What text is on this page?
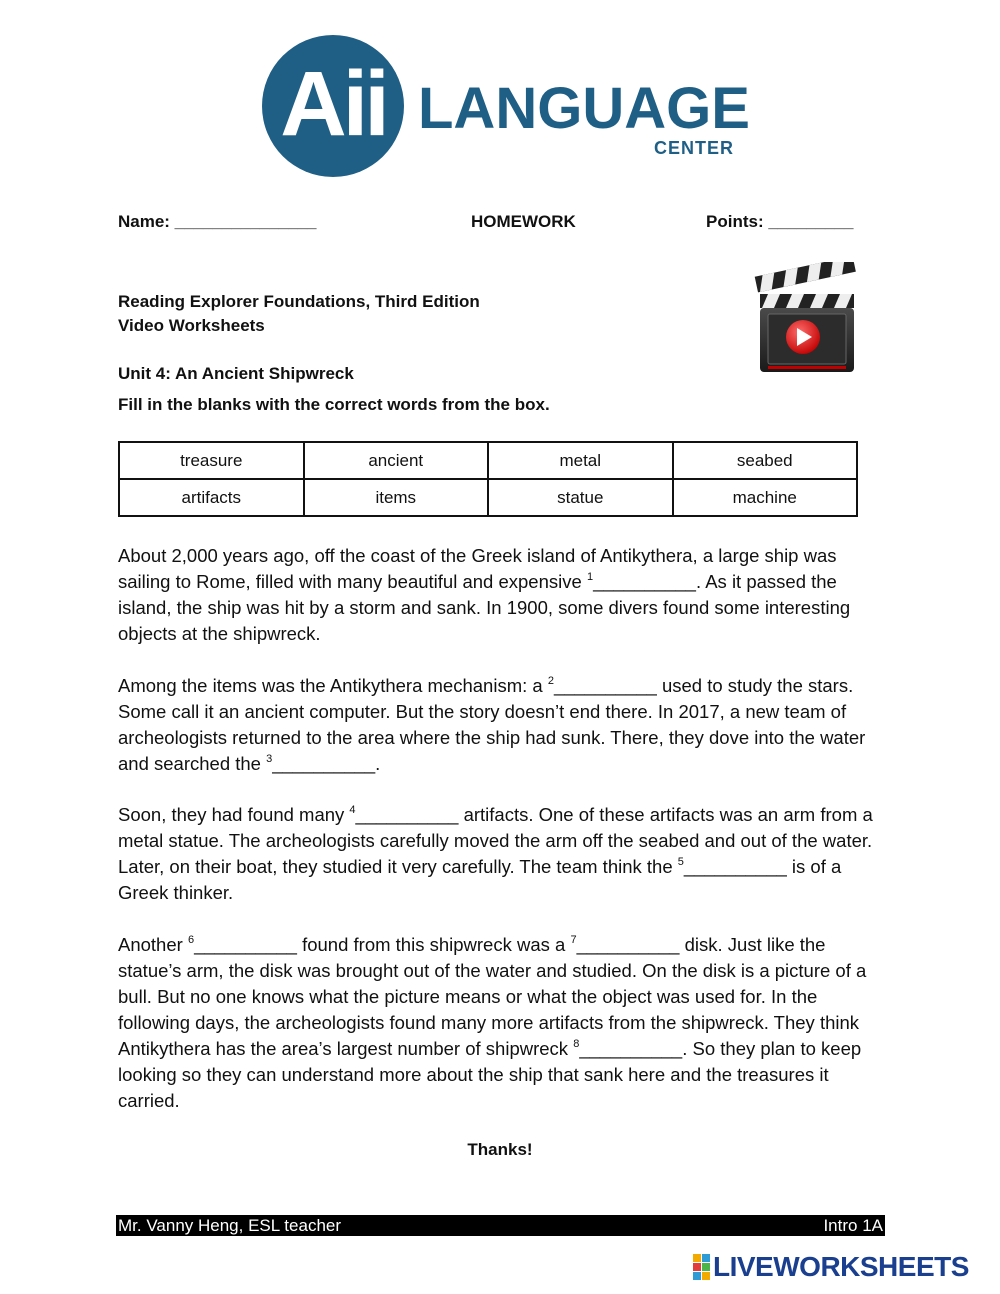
Aii LANGUAGE
CENTER
Name: _______________	HOMEWORK	Points: _________
Reading Explorer Foundations, Third Edition
Video Worksheets
Unit 4: An Ancient Shipwreck
Fill in the blanks with the correct words from the box.
treasure	ancient	metal	seabed
artifacts	items	statue	machine

About 2,000 years ago, off the coast of the Greek island of Antikythera, a large ship was sailing to Rome, filled with many beautiful and expensive $^1$__________. As it passed the island, the ship was hit by a storm and sank. In 1900, some divers found some interesting objects at the shipwreck.

Among the items was the Antikythera mechanism: a $^2$__________ used to study the stars. Some call it an ancient computer. But the story doesn’t end there. In 2017, a new team of archeologists returned to the area where the ship had sunk. There, they dove into the water and searched the $^3$__________.

Soon, they had found many $^4$__________ artifacts. One of these artifacts was an arm from a metal statue. The archeologists carefully moved the arm off the seabed and out of the water. Later, on their boat, they studied it very carefully. The team think the $^5$__________ is of a Greek thinker.

Another $^6$__________ found from this shipwreck was a $^7$__________ disk. Just like the statue’s arm, the disk was brought out of the water and studied. On the disk is a picture of a bull. But no one knows what the picture means or what the object was used for. In the following days, the archeologists found many more artifacts from the shipwreck. They think Antikythera has the area’s largest number of shipwreck $^8$__________. So they plan to keep looking so they can understand more about the ship that sank here and the treasures it carried.

Thanks!
Mr. Vanny Heng, ESL teacher	Intro 1A
LIVEWORKSHEETS
